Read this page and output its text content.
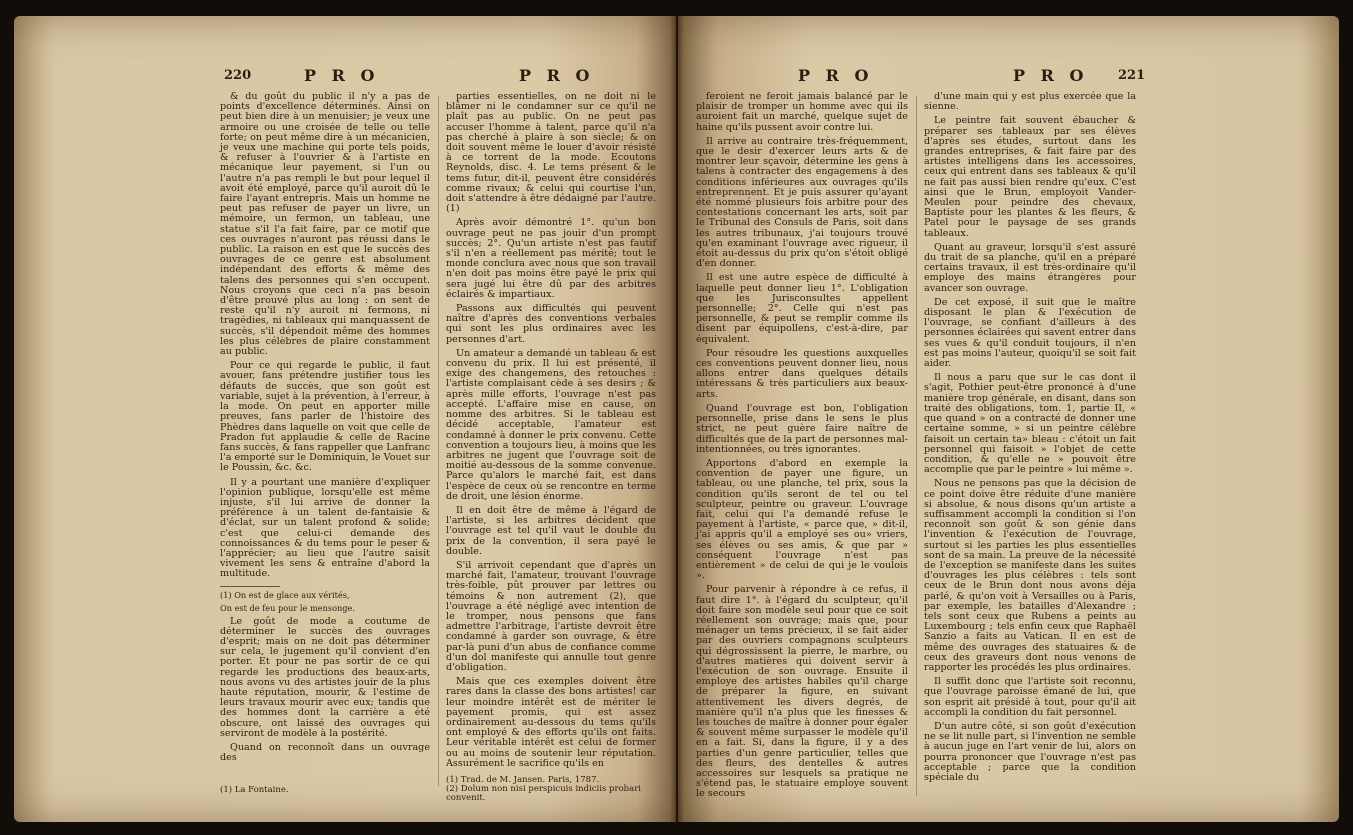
220	P R O	P R O

& du goût du public il n'y a pas de points d'excellence déterminés. Ainsi on peut bien dire à un menuisier; je veux une armoire ou une croisée de telle ou telle forte; on peut même dire à un mécanicien, je veux une machine qui porte tels poids, & refuser à l'ouvrier & à l'artiste en mécanique leur payement, si l'un ou l'autre n'a pas rempli le but pour lequel il avoit été employé, parce qu'il auroit dû le faire l'ayant entrepris. Mais un homme ne peut pas refuser de payer un livre, un mémoire, un fermon, un tableau, une statue s'il l'a fait faire, par ce motif que ces ouvrages n'auront pas réussi dans le public. La raison en est que le succès des ouvrages de ce genre est absolument indépendant des efforts & même des talens des personnes qui s'en occupent. Nous croyons que ceci n'a pas besoin d'être prouvé plus au long : on sent de reste qu'il n'y auroit ni fermons, ni tragédies, ni tableaux qui manquassent de succès, s'il dépendoit même des hommes les plus célèbres de plaire constamment au public.

Pour ce qui regarde le public, il faut avouer, fans prétendre justifier tous les défauts de succès, que son goût est variable, sujet à la prévention, à l'erreur, à la mode. On peut en apporter mille preuves, fans parler de l'histoire des Phèdres dans laquelle on voit que celle de Pradon fut applaudie & celle de Racine fans succès, & fans rappeller que Lanfranc l'a emporté sur le Dominiquin, le Vouet sur le Poussin, &c. &c.

Il y a pourtant une manière d'expliquer l'opinion publique, lorsqu'elle est même injuste, s'il lui arrive de donner la préférence à un talent de-fantaisie & d'éclat, sur un talent profond & solide; c'est que celui-ci demande des connoissances & du tems pour le peser & l'apprécier; au lieu que l'autre saisit vivement les sens & entraîne d'abord la multitude.

(1) On est de glace aux vérités,

On est de feu pour le mensonge.

Le goût de mode a coutume de déterminer le succès des ouvrages d'esprit; mais on ne doit pas déterminer sur cela, le jugement qu'il convient d'en porter. Et pour ne pas sortir de ce qui regarde les productions des beaux-arts, nous avons vu des artistes jouir de la plus haute réputation, mourir, & l'estime de leurs travaux mourir avec eux; tandis que des hommes dont la carrière a été obscure, ont laissé des ouvrages qui serviront de modèle à la postérité.

Quand on reconnoît dans un ouvrage des

(1) La Fontaine.

parties essentielles, on ne doit ni le blâmer ni le condamner sur ce qu'il ne plaît pas au public. On ne peut pas accuser l'homme à talent, parce qu'il n'a pas cherché à plaire à son siècle; & on doit souvent même le louer d'avoir résisté à ce torrent de la mode. Ecoutons Reynolds, disc. 4. Le tems présent & le tems futur, dit-il, peuvent être considérés comme rivaux; & celui qui courtise l'un, doit s'attendre à être dédaigné par l'autre. (1)

Après avoir démontré 1°. qu'un bon ouvrage peut ne pas jouir d'un prompt succès; 2°. Qu'un artiste n'est pas fautif s'il n'en a réellement pas mérité; tout le monde conclura avec nous que son travail n'en doit pas moins être payé le prix qui sera jugé lui être dû par des arbitres éclairés & impartiaux.

Passons aux difficultés qui peuvent naître d'après des conventions verbales qui sont les plus ordinaires avec les personnes d'art.

Un amateur a demandé un tableau & est convenu du prix. Il lui est présenté, il exige des changemens, des retouches : l'artiste complaisant cède à ses desirs ; & après mille efforts, l'ouvrage n'est pas accepté. L'affaire mise en cause, on nomme des arbitres. Si le tableau est décidé acceptable, l'amateur est condamné à donner le prix convenu. Cette convention a toujours lieu, à moins que les arbitres ne jugent que l'ouvrage soit de moitié au-dessous de la somme convenue. Parce qu'alors le marché fait, est dans l'espèce de ceux où se rencontre en terme de droit, une lésion énorme.

Il en doit être de même à l'égard de l'artiste, si les arbitres décident que l'ouvrage est tel qu'il vaut le double du prix de la convention, il sera payé le double.

S'il arrivoit cependant que d'après un marché fait, l'amateur, trouvant l'ouvrage très-foible, pût prouver par lettres ou témoins & non autrement (2), que l'ouvrage a été négligé avec intention de le tromper, nous pensons que fans admettre l'arbitrage, l'artiste devroit être condamné à garder son ouvrage, & être par-là puni d'un abus de confiance comme d'un dol manifeste qui annulle tout genre d'obligation.

Mais que ces exemples doivent être rares dans la classe des bons artistes! car leur moindre intérêt est de mériter le payement promis, qui est assez ordinairement au-dessous du tems qu'ils ont employé & des efforts qu'ils ont faits. Leur véritable intérêt est celui de former ou au moins de soutenir leur réputation. Assurément le sacrifice qu'ils en

(1) Trad. de M. Jansen. Paris, 1787.
(2) Dolum non nisi perspicuis indiciis probari convenit.
P R O	P R O 221

feroient ne feroit jamais balancé par le plaisir de tromper un homme avec qui ils auroient fait un marché, quelque sujet de haine qu'ils pussent avoir contre lui.

Il arrive au contraire très-fréquemment, que le desir d'exercer leurs arts & de montrer leur sçavoir, détermine les gens à talens à contracter des engagemens à des conditions inférieures aux ouvrages qu'ils entreprennent. Et je puis assurer qu'ayant été nommé plusieurs fois arbitre pour des contestations concernant les arts, soit par le Tribunal des Consuls de Paris, soit dans les autres tribunaux, j'ai toujours trouvé qu'en examinant l'ouvrage avec rigueur, il étoit au-dessus du prix qu'on s'étoit obligé d'en donner.

Il est une autre espèce de difficulté à laquelle peut donner lieu 1°. L'obligation que les Jurisconsultes appellent personnelle; 2°. Celle qui n'est pas personnelle, & peut se remplir comme ils disent par équipollens, c'est-à-dire, par équivalent.

Pour résoudre les questions auxquelles ces conventions peuvent donner lieu, nous allons entrer dans quelques détails intéressans & très particuliers aux beaux-arts.

Quand l'ouvrage est bon, l'obligation personnelle, prise dans le sens le plus strict, ne peut guère faire naître de difficultés que de la part de personnes mal-intentionnées, ou très ignorantes.

Apportons d'abord en exemple la convention de payer une figure, un tableau, ou une planche, tel prix, sous la condition qu'ils seront de tel ou tel sculpteur, peintre ou graveur. L'ouvrage fait, celui qui l'a demandé refuse le payement à l'artiste, « parce que, » dit-il, j'ai appris qu'il a employé ses ou» vriers, ses élèves ou ses amis, & que par » conséquent l'ouvrage n'est pas entièrement » de celui de qui je le voulois ».

Pour parvenir à répondre à ce refus, il faut dire 1°. à l'égard du sculpteur, qu'il doit faire son modèle seul pour que ce soit réellement son ouvrage; mais que, pour ménager un tems précieux, il se fait aider par des ouvriers compagnons sculpteurs qui dégrossissent la pierre, le marbre, ou d'autres matières qui doivent servir à l'exécution de son ouvrage. Ensuite il employe des artistes habiles qu'il charge de préparer la figure, en suivant attentivement les divers degrés, de manière qu'il n'a plus que les finesses & les touches de maître à donner pour égaler & souvent même surpasser le modèle qu'il en a fait. Si, dans la figure, il y a des parties d'un genre particulier, telles que des fleurs, des dentelles & autres accessoires sur lesquels sa pratique ne s'étend pas, le statuaire employe souvent le secours

d'une main qui y est plus exercée que la sienne.

Le peintre fait souvent ébaucher & préparer ses tableaux par ses élèves d'après ses études, surtout dans les grandes entreprises, & fait faire par des artistes intelligens dans les accessoires, ceux qui entrent dans ses tableaux & qu'il ne fait pas aussi bien rendre qu'eux. C'est ainsi que le Brun, employoit Vander-Meulen pour peindre des chevaux, Baptiste pour les plantes & les fleurs, & Patel pour le paysage de ses grands tableaux.

Quant au graveur, lorsqu'il s'est assuré du trait de sa planche, qu'il en a préparé certains travaux, il est très-ordinaire qu'il employe des mains étrangères pour avancer son ouvrage.

De cet exposé, il suit que le maître disposant le plan & l'exécution de l'ouvrage, se confiant d'ailleurs à des personnes éclairées qui savent entrer dans ses vues & qu'il conduit toujours, il n'en est pas moins l'auteur, quoiqu'il se soit fait aider.

Il nous a paru que sur le cas dont il s'agit, Pothier peut-être prononcé à d'une manière trop générale, en disant, dans son traité des obligations, tom. 1, partie II, « que quand » on a contracté de donner une certaine somme, » si un peintre célèbre faisoit un certain ta» bleau : c'étoit un fait personnel qui faisoit » l'objet de cette condition, & qu'elle ne » pouvoit être accomplie que par le peintre » lui même ».

Nous ne pensons pas que la décision de ce point doive être réduite d'une manière si absolue, & nous disons qu'un artiste a suffisamment accompli la condition si l'on reconnoît son goût & son génie dans l'invention & l'exécution de l'ouvrage, surtout si les parties les plus essentielles sont de sa main. La preuve de la nécessité de l'exception se manifeste dans les suites d'ouvrages les plus célèbres : tels sont ceux de le Brun dont nous avons déja parlé, & qu'on voit à Versailles ou à Paris, par exemple, les batailles d'Alexandre ; tels sont ceux que Rubens a peints au Luxembourg ; tels enfin ceux que Raphaël Sanzio a faits au Vatican. Il en est de même des ouvrages des statuaires & de ceux des graveurs dont nous venons de rapporter les procédés les plus ordinaires.

Il suffit donc que l'artiste soit reconnu, que l'ouvrage paroisse émané de lui, que son esprit ait présidé à tout, pour qu'il ait accompli la condition du fait personnel.

D'un autre côté, si son goût d'exécution ne se lit nulle part, si l'invention ne semble à aucun juge en l'art venir de lui, alors on pourra prononcer que l'ouvrage n'est pas acceptable ; parce que la condition spéciale du
